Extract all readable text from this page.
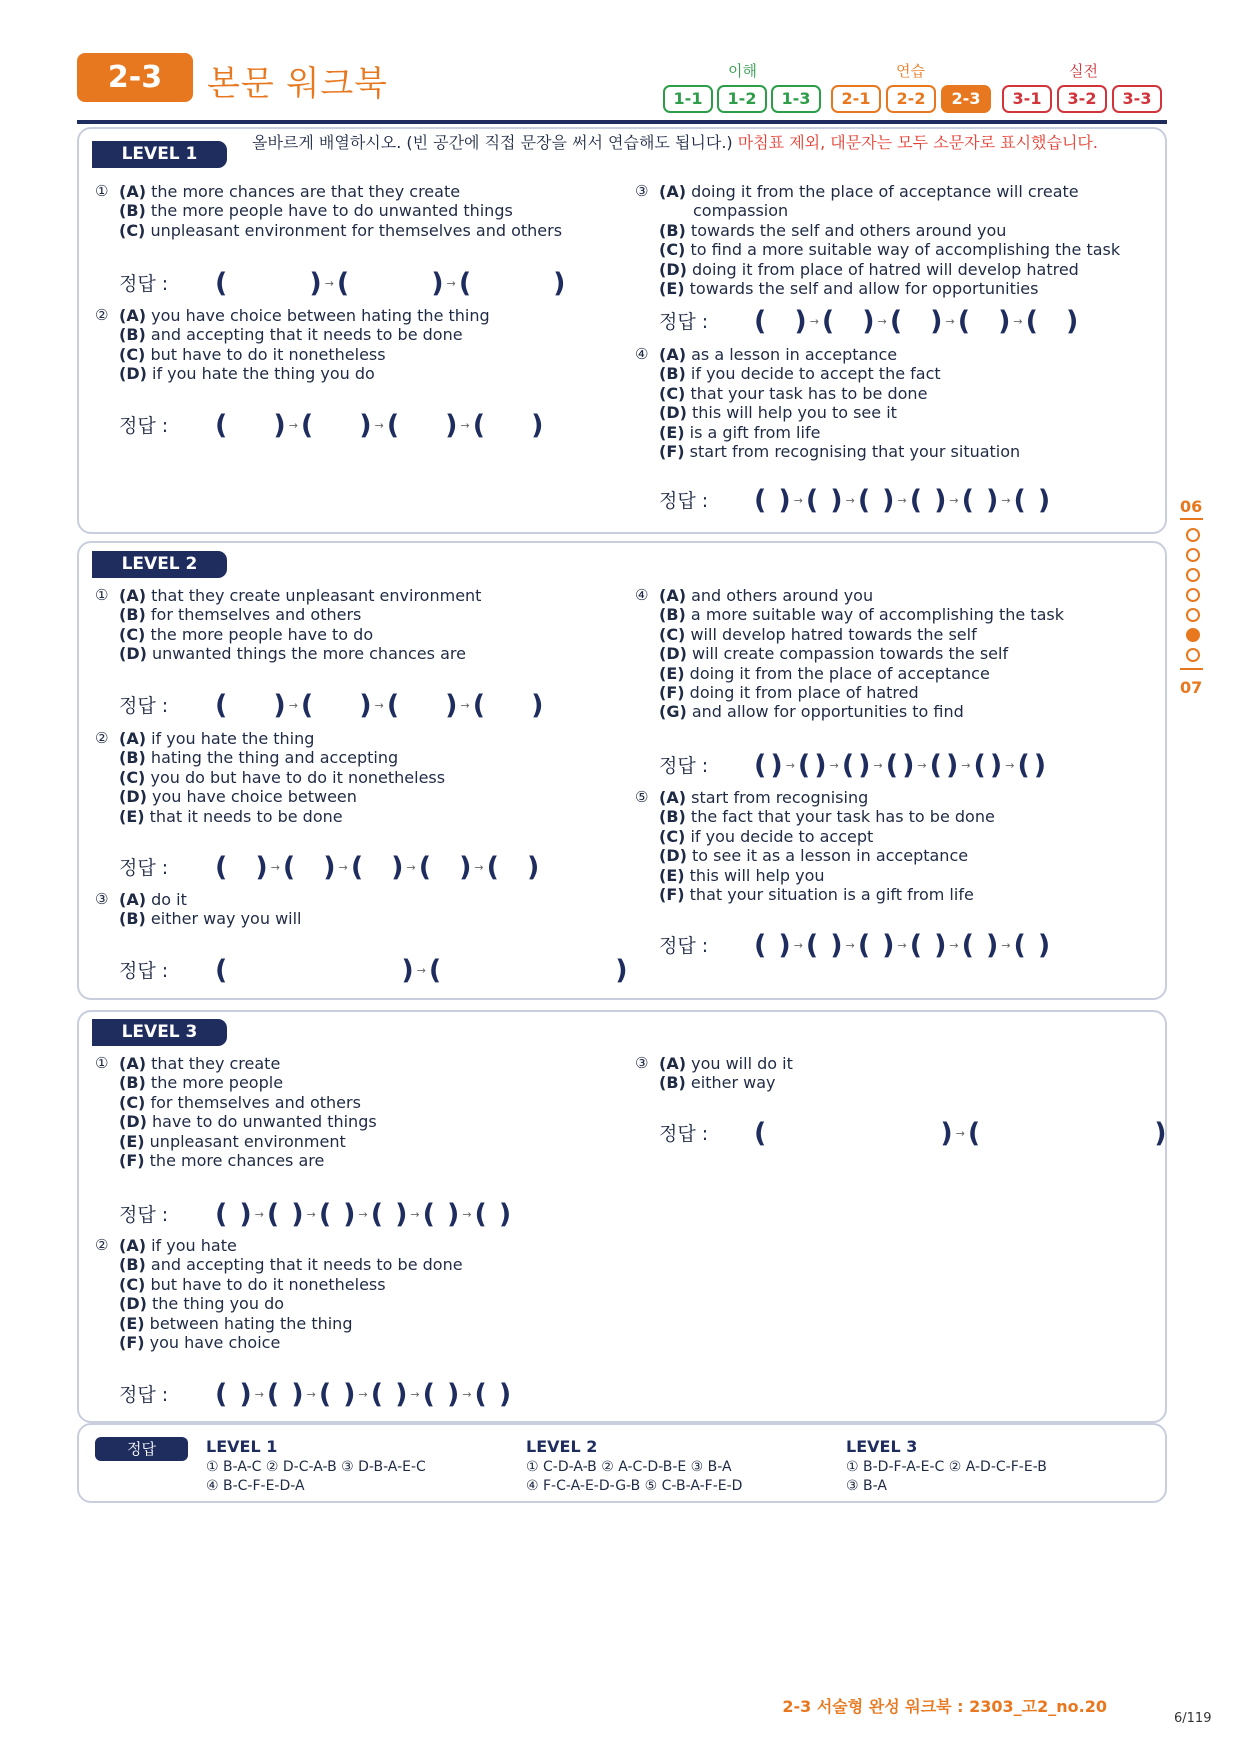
2-3	본문 워크북	이해	연습	실전
1-1	1-2	1-3	2-1	2-2	2-3	3-1	3-2	3-3
06
07
LEVEL 1
올바르게 배열하시오. (빈 공간에 직접 문장을 써서 연습해도 됩니다.) 마침표 제외, 대문자는 모두 소문자로 표시했습니다.
① (A) the more chances are that they create
(B) the more people have to do unwanted things
(C) unpleasant environment for themselves and others
정답 : (	) → (	) → (	)
② (A) you have choice between hating the thing
(B) and accepting that it needs to be done
(C) but have to do it nonetheless
(D) if you hate the thing you do
정답 : ( ) → ( ) → ( ) → ( )
③ (A) doing it from the place of acceptance will create
compassion
(B) towards the self and others around you
(C) to find a more suitable way of accomplishing the task
(D) doing it from place of hatred will develop hatred
(E) towards the self and allow for opportunities
정답 : ( ) → ( ) → ( ) → ( ) → ( )
④ (A) as a lesson in acceptance
(B) if you decide to accept the fact
(C) that your task has to be done
(D) this will help you to see it
(E) is a gift from life
(F) start from recognising that your situation
정답 : ( ) → ( ) → ( ) → ( ) → ( ) → ( )
LEVEL 2
① (A) that they create unpleasant environment
(B) for themselves and others
(C) the more people have to do
(D) unwanted things the more chances are
정답 : ( ) → ( ) → ( ) → ( )
② (A) if you hate the thing
(B) hating the thing and accepting
(C) you do but have to do it nonetheless
(D) you have choice between
(E) that it needs to be done
정답 : ( ) → ( ) → ( ) → ( ) → ( )
③ (A) do it
(B) either way you will
정답 : (	) → (	)
④ (A) and others around you
(B) a more suitable way of accomplishing the task
(C) will develop hatred towards the self
(D) will create compassion towards the self
(E) doing it from the place of acceptance
(F) doing it from place of hatred
(G) and allow for opportunities to find
정답 : ( ) → ( ) → ( ) → ( ) → ( ) → ( ) → ( )
⑤ (A) start from recognising
(B) the fact that your task has to be done
(C) if you decide to accept
(D) to see it as a lesson in acceptance
(E) this will help you
(F) that your situation is a gift from life
정답 : ( ) → ( ) → ( ) → ( ) → ( ) → ( )
LEVEL 3
① (A) that they create
(B) the more people
(C) for themselves and others
(D) have to do unwanted things
(E) unpleasant environment
(F) the more chances are
정답 : ( ) → ( ) → ( ) → ( ) → ( ) → ( )
② (A) if you hate
(B) and accepting that it needs to be done
(C) but have to do it nonetheless
(D) the thing you do
(E) between hating the thing
(F) you have choice
정답 : ( ) → ( ) → ( ) → ( ) → ( ) → ( )
③ (A) you will do it
(B) either way
정답 : (	) → (	)
정답	LEVEL 1
① B-A-C ② D-C-A-B ③ D-B-A-E-C
④ B-C-F-E-D-A
LEVEL 2
① C-D-A-B ② A-C-D-B-E ③ B-A
④ F-C-A-E-D-G-B ⑤ C-B-A-F-E-D
LEVEL 3
① B-D-F-A-E-C ② A-D-C-F-E-B
③ B-A
2-3 서술형 완성 워크북 : 2303_고2_no.20
6/119
